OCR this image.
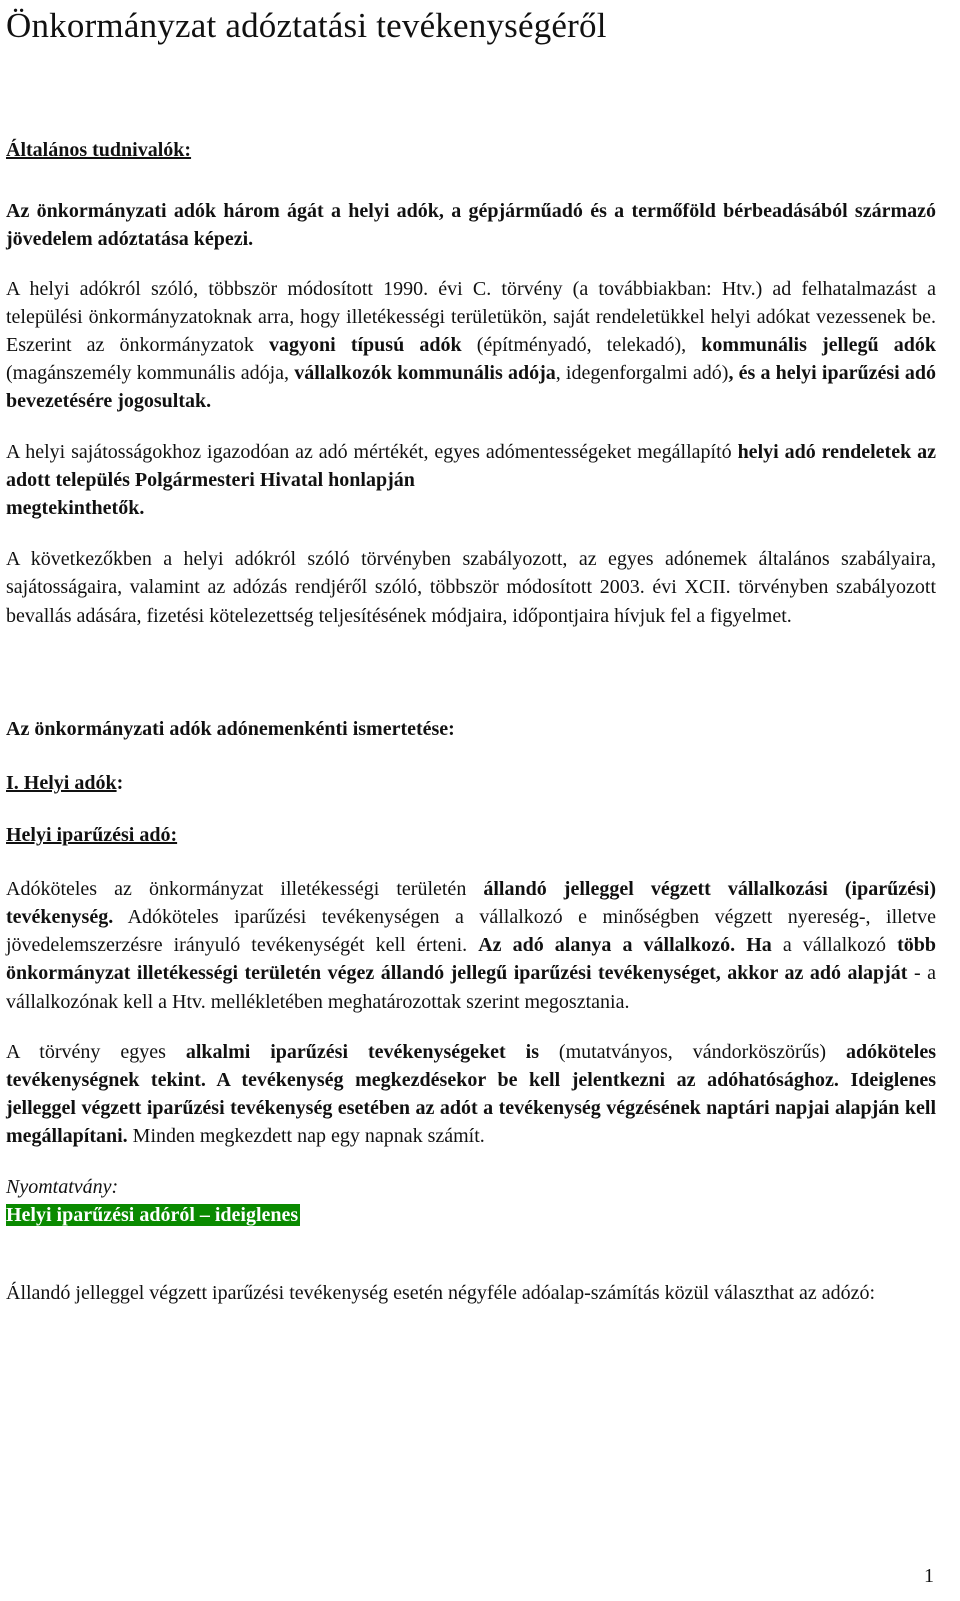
Önkormányzat adóztatási tevékenységéről

Általános tudnivalók:

Az önkormányzati adók három ágát a helyi adók, a gépjárműadó és a termőföld bérbeadásából származó jövedelem adóztatása képezi.

A helyi adókról szóló, többször módosított 1990. évi C. törvény (a továbbiakban: Htv.) ad felhatalmazást a települési önkormányzatoknak arra, hogy illetékességi területükön, saját rendeletükkel helyi adókat vezessenek be. Eszerint az önkormányzatok vagyoni típusú adók (építményadó, telekadó), kommunális jellegű adók (magánszemély kommunális adója, vállalkozók kommunális adója, idegenforgalmi adó), és a helyi iparűzési adó bevezetésére jogosultak.

A helyi sajátosságokhoz igazodóan az adó mértékét, egyes adómentességeket megállapító helyi adó rendeletek az adott település Polgármesteri Hivatal honlapján
megtekinthetők.

A következőkben a helyi adókról szóló törvényben szabályozott, az egyes adónemek általános szabályaira, sajátosságaira, valamint az adózás rendjéről szóló, többször módosított 2003. évi XCII. törvényben szabályozott bevallás adására, fizetési kötelezettség teljesítésének módjaira, időpontjaira hívjuk fel a figyelmet.

Az önkormányzati adók adónemenkénti ismertetése:

I. Helyi adók:

Helyi iparűzési adó:

Adóköteles az önkormányzat illetékességi területén állandó jelleggel végzett vállalkozási (iparűzési) tevékenység. Adóköteles iparűzési tevékenységen a vállalkozó e minőségben végzett nyereség-, illetve jövedelemszerzésre irányuló tevékenységét kell érteni. Az adó alanya a vállalkozó. Ha a vállalkozó több önkormányzat illetékességi területén végez állandó jellegű iparűzési tevékenységet, akkor az adó alapját - a vállalkozónak kell a Htv. mellékletében meghatározottak szerint megosztania.

A törvény egyes alkalmi iparűzési tevékenységeket is (mutatványos, vándorköszörűs) adóköteles tevékenységnek tekint. A tevékenység megkezdésekor be kell jelentkezni az adóhatósághoz. Ideiglenes jelleggel végzett iparűzési tevékenység esetében az adót a tevékenység végzésének naptári napjai alapján kell megállapítani. Minden megkezdett nap egy napnak számít.

Nyomtatvány:

Helyi iparűzési adóról – ideiglenes

Állandó jelleggel végzett iparűzési tevékenység esetén négyféle adóalap-számítás közül választhat az adózó:

1
